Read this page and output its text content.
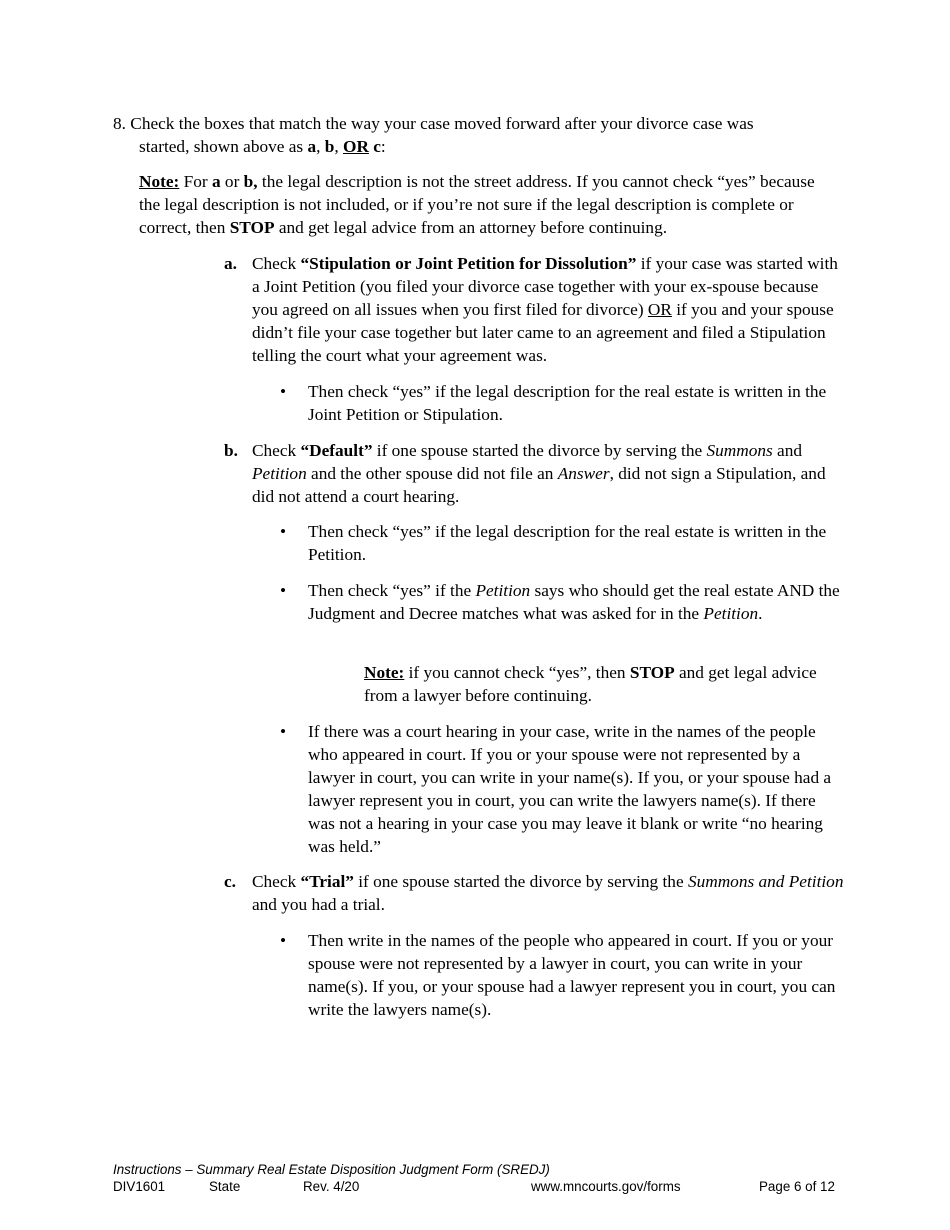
8. Check the boxes that match the way your case moved forward after your divorce case was

started, shown above as a, b, OR c:

Note: For a or b, the legal description is not the street address. If you cannot check “yes” because the legal description is not included, or if you’re not sure if the legal description is complete or correct, then STOP and get legal advice from an attorney before continuing.

a. Check “Stipulation or Joint Petition for Dissolution” if your case was started with a Joint Petition (you filed your divorce case together with your ex-spouse because you agreed on all issues when you first filed for divorce) OR if you and your spouse didn’t file your case together but later came to an agreement and filed a Stipulation telling the court what your agreement was.

•	Then check “yes” if the legal description for the real estate is written in the Joint Petition or Stipulation.

b. Check “Default” if one spouse started the divorce by serving the Summons and Petition and the other spouse did not file an Answer, did not sign a Stipulation, and did not attend a court hearing.

•	Then check “yes” if the legal description for the real estate is written in the Petition.

•	Then check “yes” if the Petition says who should get the real estate AND the Judgment and Decree matches what was asked for in the Petition.

Note: if you cannot check “yes”, then STOP and get legal advice from a lawyer before continuing.

•	If there was a court hearing in your case, write in the names of the people who appeared in court. If you or your spouse were not represented by a lawyer in court, you can write in your name(s). If you, or your spouse had a lawyer represent you in court, you can write the lawyers name(s). If there was not a hearing in your case you may leave it blank or write “no hearing was held.”

c. Check “Trial” if one spouse started the divorce by serving the Summons and Petition and you had a trial.

•	Then write in the names of the people who appeared in court. If you or your spouse were not represented by a lawyer in court, you can write in your name(s). If you, or your spouse had a lawyer represent you in court, you can write the lawyers name(s).

Instructions – Summary Real Estate Disposition Judgment Form (SREDJ)
DIV1601	State	Rev. 4/20	www.mncourts.gov/forms	Page 6 of 12
